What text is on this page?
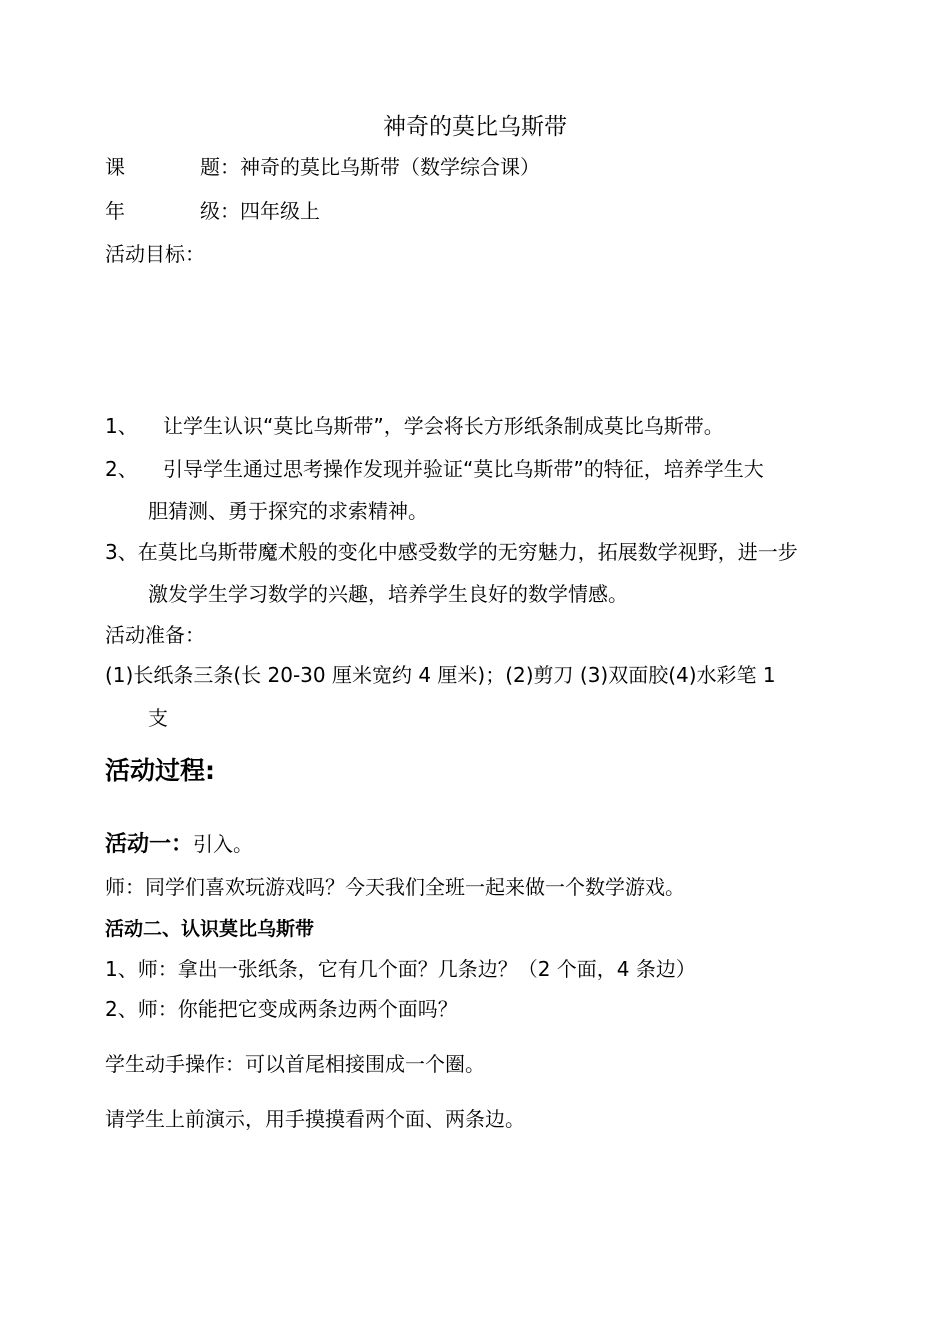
神奇的莫比乌斯带
课	题：神奇的莫比乌斯带（数学综合课）
年	级：四年级上
活动目标：
1、 让学生认识“莫比乌斯带”，学会将长方形纸条制成莫比乌斯带。
2、 引导学生通过思考操作发现并验证“莫比乌斯带”的特征，培养学生大
胆猜测、勇于探究的求索精神。
3、在莫比乌斯带魔术般的变化中感受数学的无穷魅力，拓展数学视野，进一步
激发学生学习数学的兴趣，培养学生良好的数学情感。
活动准备：
(1)长纸条三条(长 20-30 厘米宽约 4 厘米)；(2)剪刀 (3)双面胶(4)水彩笔 1
支
活动过程:
活动一：引入。
师：同学们喜欢玩游戏吗？今天我们全班一起来做一个数学游戏。
活动二、认识莫比乌斯带
1、师：拿出一张纸条，它有几个面？几条边？（2 个面，4 条边）
2、师：你能把它变成两条边两个面吗？
学生动手操作：可以首尾相接围成一个圈。
请学生上前演示，用手摸摸看两个面、两条边。
